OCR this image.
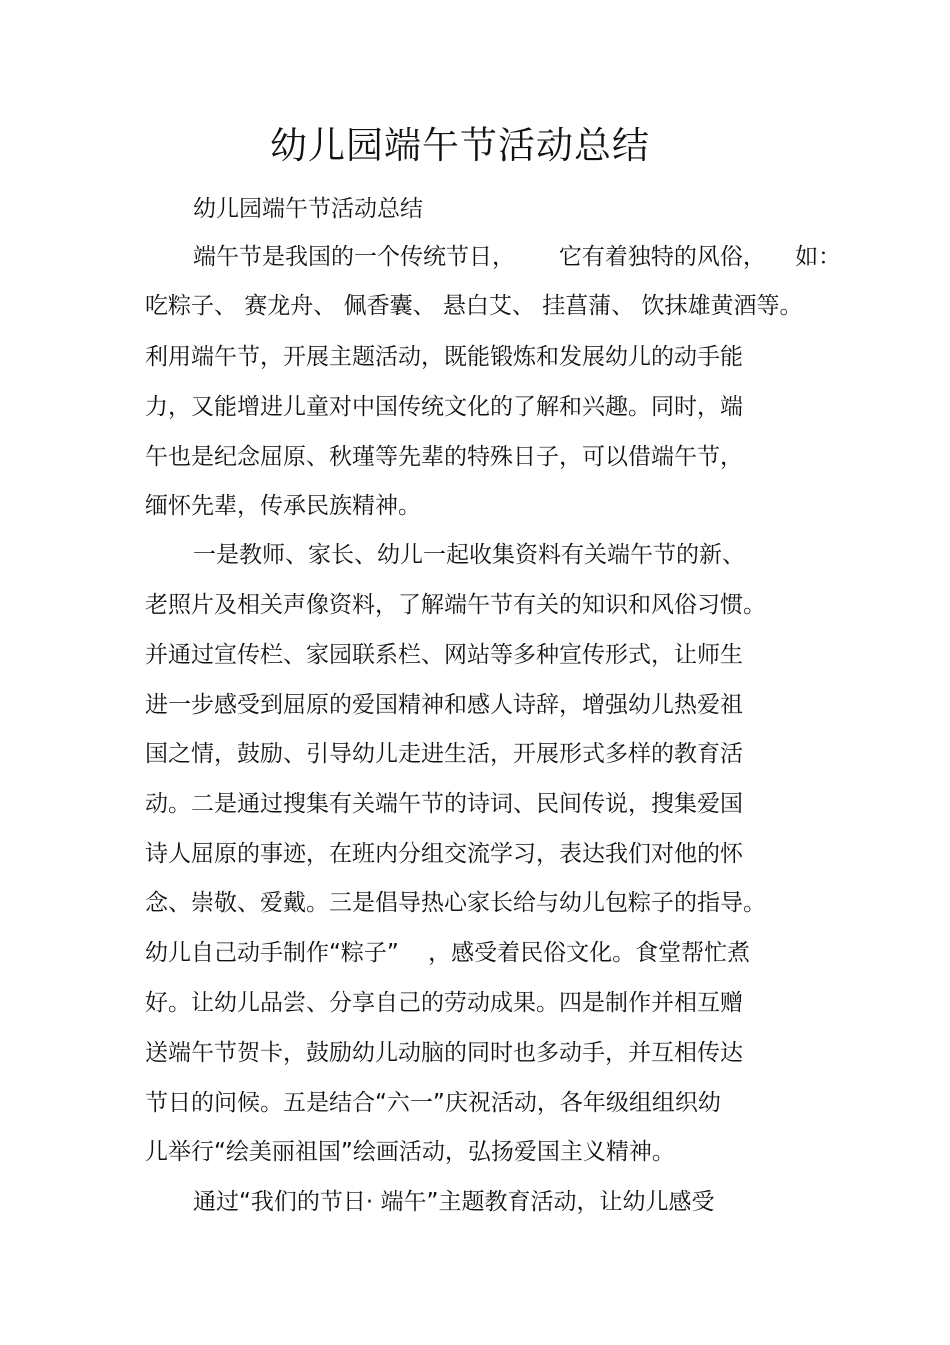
幼儿园端午节活动总结
幼儿园端午节活动总结
端午节是我国的一个传统节日，      它有着独特的风俗，    如：
吃粽子、 赛龙舟、 佩香囊、 悬白艾、 挂菖蒲、 饮抹雄黄酒等。
利用端午节，开展主题活动，既能锻炼和发展幼儿的动手能
力，又能增进儿童对中国传统文化的了解和兴趣。同时，端
午也是纪念屈原、秋瑾等先辈的特殊日子，可以借端午节，
缅怀先辈，传承民族精神。
一是教师、家长、幼儿一起收集资料有关端午节的新、
老照片及相关声像资料，了解端午节有关的知识和风俗习惯。
并通过宣传栏、家园联系栏、网站等多种宣传形式，让师生
进一步感受到屈原的爱国精神和感人诗辞，增强幼儿热爱祖
国之情，鼓励、引导幼儿走进生活，开展形式多样的教育活
动。二是通过搜集有关端午节的诗词、民间传说，搜集爱国
诗人屈原的事迹，在班内分组交流学习，表达我们对他的怀
念、崇敬、爱戴。三是倡导热心家长给与幼儿包粽子的指导。
幼儿自己动手制作“粽子”    ，感受着民俗文化。食堂帮忙煮
好。让幼儿品尝、分享自己的劳动成果。四是制作并相互赠
送端午节贺卡，鼓励幼儿动脑的同时也多动手，并互相传达
节日的问候。五是结合“六一”庆祝活动，各年级组组织幼
儿举行“绘美丽祖国”绘画活动，弘扬爱国主义精神。
通过“我们的节日· 端午”主题教育活动，让幼儿感受
